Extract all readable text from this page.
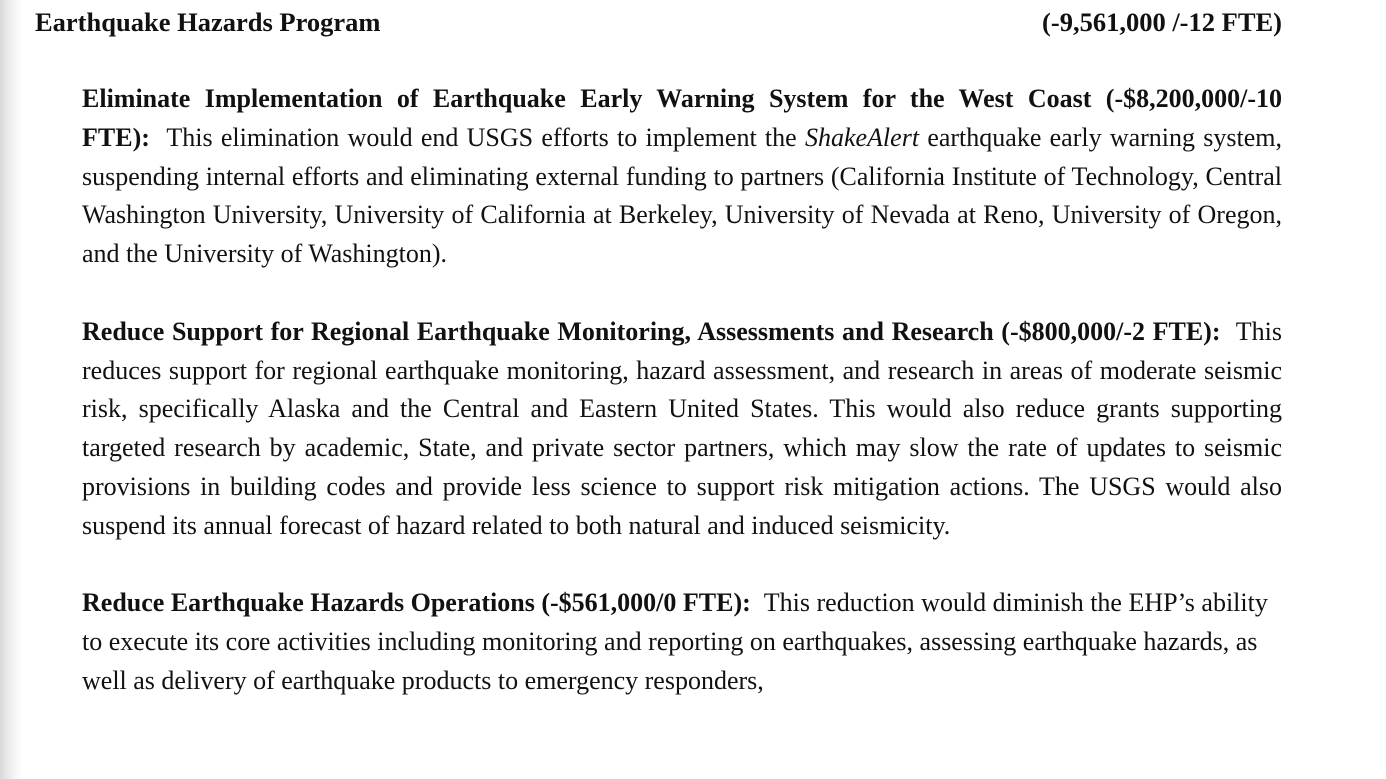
Earthquake Hazards Program	(-9,561,000 /-12 FTE)

Eliminate Implementation of Earthquake Early Warning System for the West Coast (-$8,200,000/-10 FTE): This elimination would end USGS efforts to implement the ShakeAlert earthquake early warning system, suspending internal efforts and eliminating external funding to partners (California Institute of Technology, Central Washington University, University of California at Berkeley, University of Nevada at Reno, University of Oregon, and the University of Washington).

Reduce Support for Regional Earthquake Monitoring, Assessments and Research (-$800,000/-2 FTE): This reduces support for regional earthquake monitoring, hazard assessment, and research in areas of moderate seismic risk, specifically Alaska and the Central and Eastern United States. This would also reduce grants supporting targeted research by academic, State, and private sector partners, which may slow the rate of updates to seismic provisions in building codes and provide less science to support risk mitigation actions. The USGS would also suspend its annual forecast of hazard related to both natural and induced seismicity.

Reduce Earthquake Hazards Operations (-$561,000/0 FTE): This reduction would diminish the EHP’s ability to execute its core activities including monitoring and reporting on earthquakes, assessing earthquake hazards, as well as delivery of earthquake products to emergency responders,
